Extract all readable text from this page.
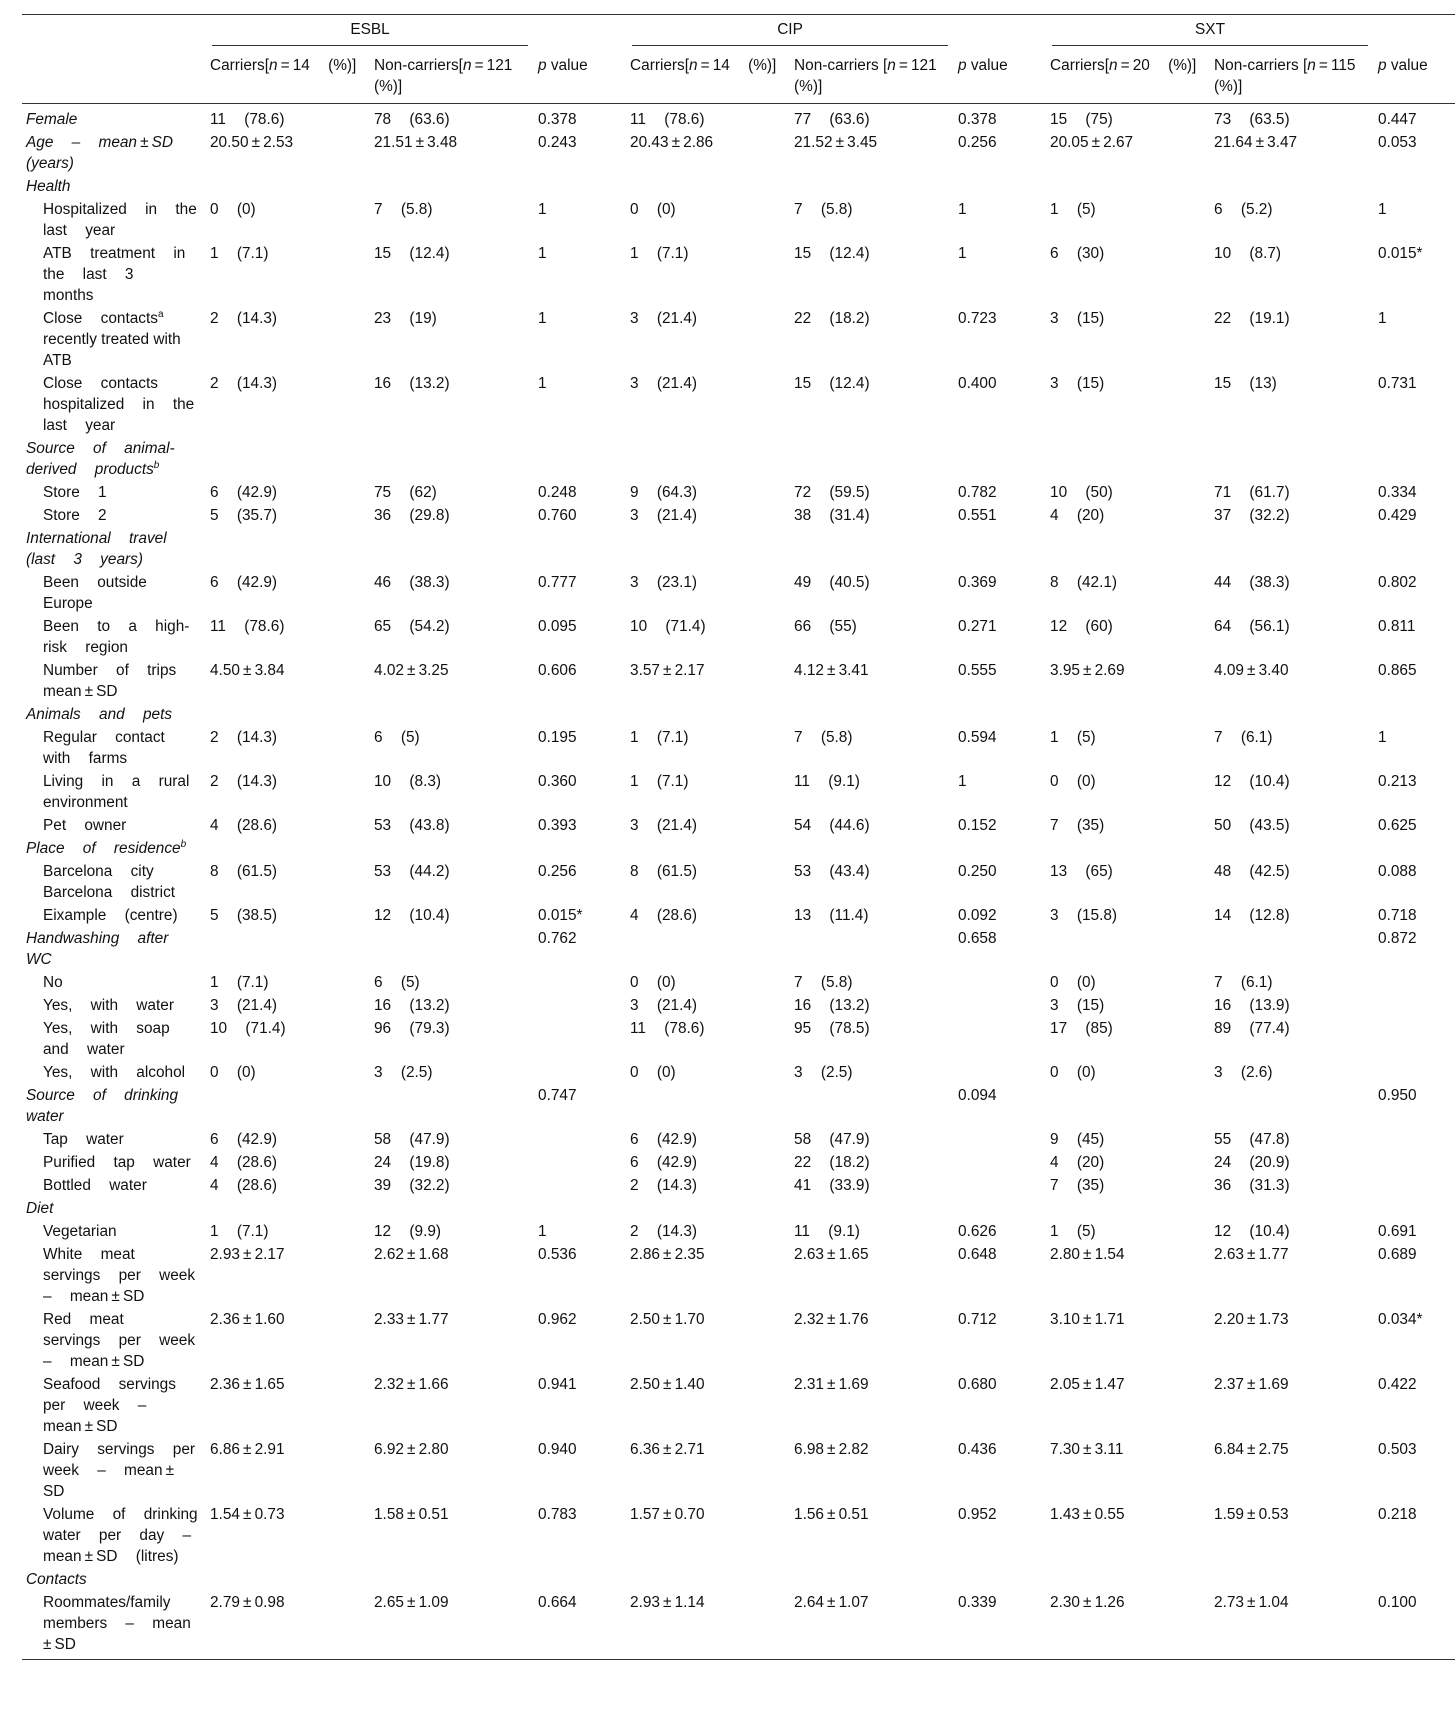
	ESBL			CIP			SXT		

	Carriers[n = 14 (%)]	Non-carriers[n = 121 (%)]	p value	Carriers[n = 14 (%)]	Non-carriers [n = 121 (%)]	p value	Carriers[n = 20 (%)]	Non-carriers [n = 115 (%)]	p value
Female	11 (78.6)	78 (63.6)	0.378	11 (78.6)	77 (63.6)	0.378	15 (75)	73 (63.5)	0.447
Age – mean ± SD (years)	20.50 ± 2.53	21.51 ± 3.48	0.243	20.43 ± 2.86	21.52 ± 3.45	0.256	20.05 ± 2.67	21.64 ± 3.47	0.053
Health									
Hospitalized in the last year	0 (0)	7 (5.8)	1	0 (0)	7 (5.8)	1	1 (5)	6 (5.2)	1
ATB treatment in the last 3 months	1 (7.1)	15 (12.4)	1	1 (7.1)	15 (12.4)	1	6 (30)	10 (8.7)	0.015*
Close contacts$^a$ recently treated with ATB	2 (14.3)	23 (19)	1	3 (21.4)	22 (18.2)	0.723	3 (15)	22 (19.1)	1
Close contacts hospitalized in the last year	2 (14.3)	16 (13.2)	1	3 (21.4)	15 (12.4)	0.400	3 (15)	15 (13)	0.731
Source of animal-derived products$^b$									
Store 1	6 (42.9)	75 (62)	0.248	9 (64.3)	72 (59.5)	0.782	10 (50)	71 (61.7)	0.334
Store 2	5 (35.7)	36 (29.8)	0.760	3 (21.4)	38 (31.4)	0.551	4 (20)	37 (32.2)	0.429
International travel (last 3 years)									
Been outside Europe	6 (42.9)	46 (38.3)	0.777	3 (23.1)	49 (40.5)	0.369	8 (42.1)	44 (38.3)	0.802
Been to a high-risk region	11 (78.6)	65 (54.2)	0.095	10 (71.4)	66 (55)	0.271	12 (60)	64 (56.1)	0.811
Number of trips mean ± SD	4.50 ± 3.84	4.02 ± 3.25	0.606	3.57 ± 2.17	4.12 ± 3.41	0.555	3.95 ± 2.69	4.09 ± 3.40	0.865
Animals and pets									
Regular contact with farms	2 (14.3)	6 (5)	0.195	1 (7.1)	7 (5.8)	0.594	1 (5)	7 (6.1)	1
Living in a rural environment	2 (14.3)	10 (8.3)	0.360	1 (7.1)	11 (9.1)	1	0 (0)	12 (10.4)	0.213
Pet owner	4 (28.6)	53 (43.8)	0.393	3 (21.4)	54 (44.6)	0.152	7 (35)	50 (43.5)	0.625
Place of residence$^b$									
Barcelona city Barcelona district	8 (61.5)	53 (44.2)	0.256	8 (61.5)	53 (43.4)	0.250	13 (65)	48 (42.5)	0.088
Eixample (centre)	5 (38.5)	12 (10.4)	0.015*	4 (28.6)	13 (11.4)	0.092	3 (15.8)	14 (12.8)	0.718
Handwashing after WC			0.762			0.658			0.872
No	1 (7.1)	6 (5)		0 (0)	7 (5.8)		0 (0)	7 (6.1)	
Yes, with water	3 (21.4)	16 (13.2)		3 (21.4)	16 (13.2)		3 (15)	16 (13.9)	
Yes, with soap and water	10 (71.4)	96 (79.3)		11 (78.6)	95 (78.5)		17 (85)	89 (77.4)	
Yes, with alcohol	0 (0)	3 (2.5)		0 (0)	3 (2.5)		0 (0)	3 (2.6)	
Source of drinking water			0.747			0.094			0.950
Tap water	6 (42.9)	58 (47.9)		6 (42.9)	58 (47.9)		9 (45)	55 (47.8)	
Purified tap water	4 (28.6)	24 (19.8)		6 (42.9)	22 (18.2)		4 (20)	24 (20.9)	
Bottled water	4 (28.6)	39 (32.2)		2 (14.3)	41 (33.9)		7 (35)	36 (31.3)	
Diet									
Vegetarian	1 (7.1)	12 (9.9)	1	2 (14.3)	11 (9.1)	0.626	1 (5)	12 (10.4)	0.691
White meat servings per week – mean ± SD	2.93 ± 2.17	2.62 ± 1.68	0.536	2.86 ± 2.35	2.63 ± 1.65	0.648	2.80 ± 1.54	2.63 ± 1.77	0.689
Red meat servings per week – mean ± SD	2.36 ± 1.60	2.33 ± 1.77	0.962	2.50 ± 1.70	2.32 ± 1.76	0.712	3.10 ± 1.71	2.20 ± 1.73	0.034*
Seafood servings per week – mean ± SD	2.36 ± 1.65	2.32 ± 1.66	0.941	2.50 ± 1.40	2.31 ± 1.69	0.680	2.05 ± 1.47	2.37 ± 1.69	0.422
Dairy servings per week – mean ± SD	6.86 ± 2.91	6.92 ± 2.80	0.940	6.36 ± 2.71	6.98 ± 2.82	0.436	7.30 ± 3.11	6.84 ± 2.75	0.503
Volume of drinking water per day – mean ± SD (litres)	1.54 ± 0.73	1.58 ± 0.51	0.783	1.57 ± 0.70	1.56 ± 0.51	0.952	1.43 ± 0.55	1.59 ± 0.53	0.218
Contacts									
Roommates/family members – mean ± SD	2.79 ± 0.98	2.65 ± 1.09	0.664	2.93 ± 1.14	2.64 ± 1.07	0.339	2.30 ± 1.26	2.73 ± 1.04	0.100
